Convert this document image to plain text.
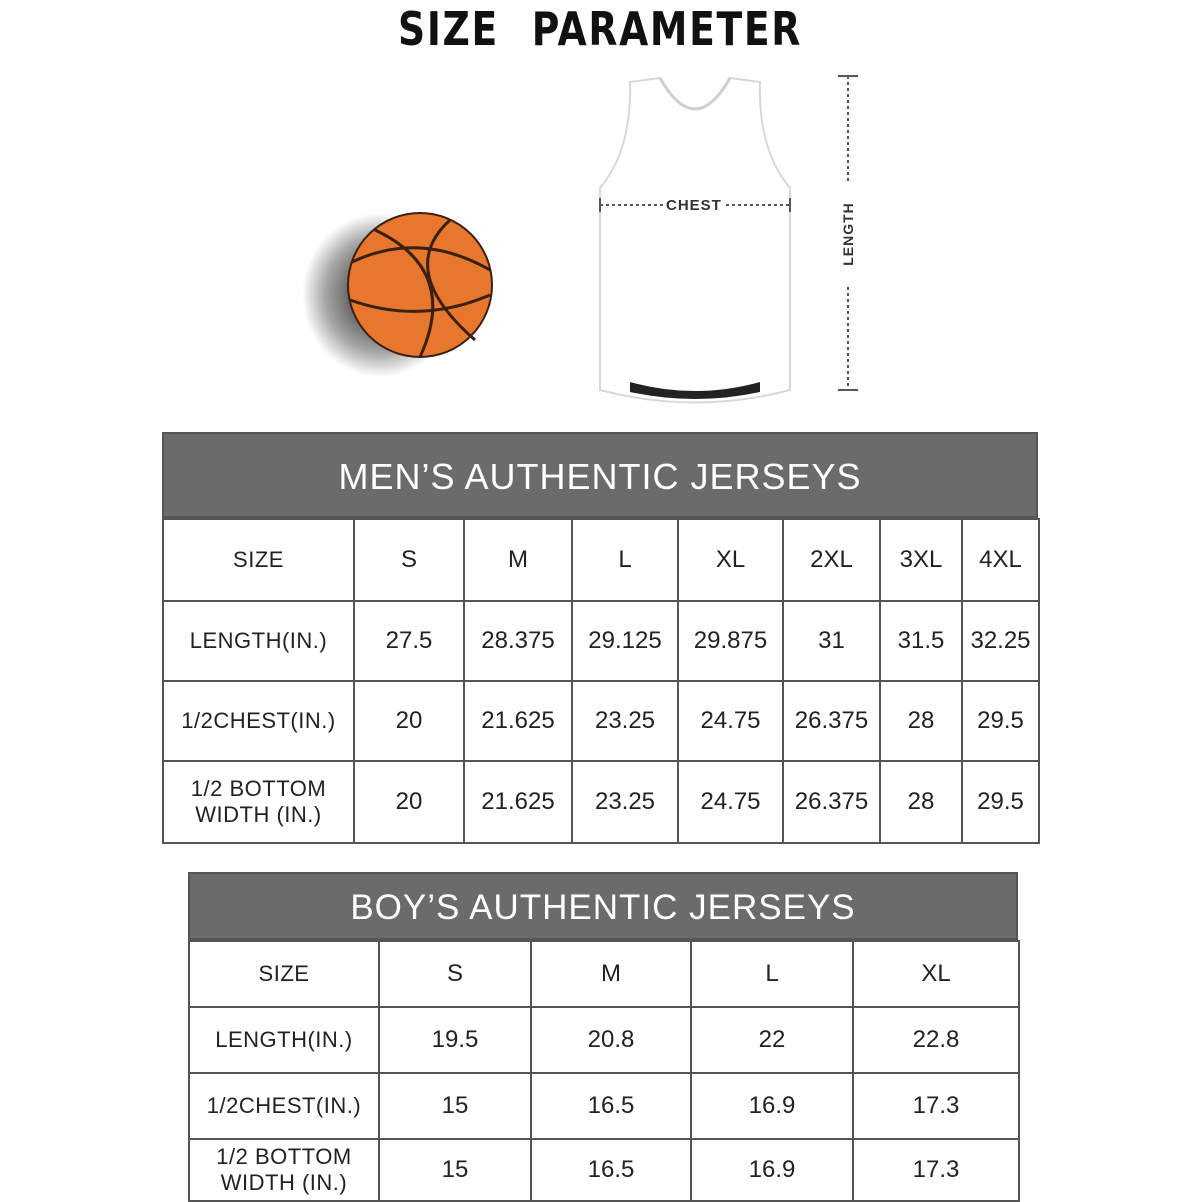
SIZE PARAMETER
CHEST	LENGTH
MEN’S AUTHENTIC JERSEYS
SIZE	S	M	L	XL	2XL	3XL	4XL
LENGTH(IN.)	27.5	28.375	29.125	29.875	31	31.5	32.25
1/2CHEST(IN.)	20	21.625	23.25	24.75	26.375	28	29.5
1/2 BOTTOM WIDTH (IN.)	20	21.625	23.25	24.75	26.375	28	29.5
BOY’S AUTHENTIC JERSEYS
SIZE	S	M	L	XL
LENGTH(IN.)	19.5	20.8	22	22.8
1/2CHEST(IN.)	15	16.5	16.9	17.3
1/2 BOTTOM WIDTH (IN.)	15	16.5	16.9	17.3
